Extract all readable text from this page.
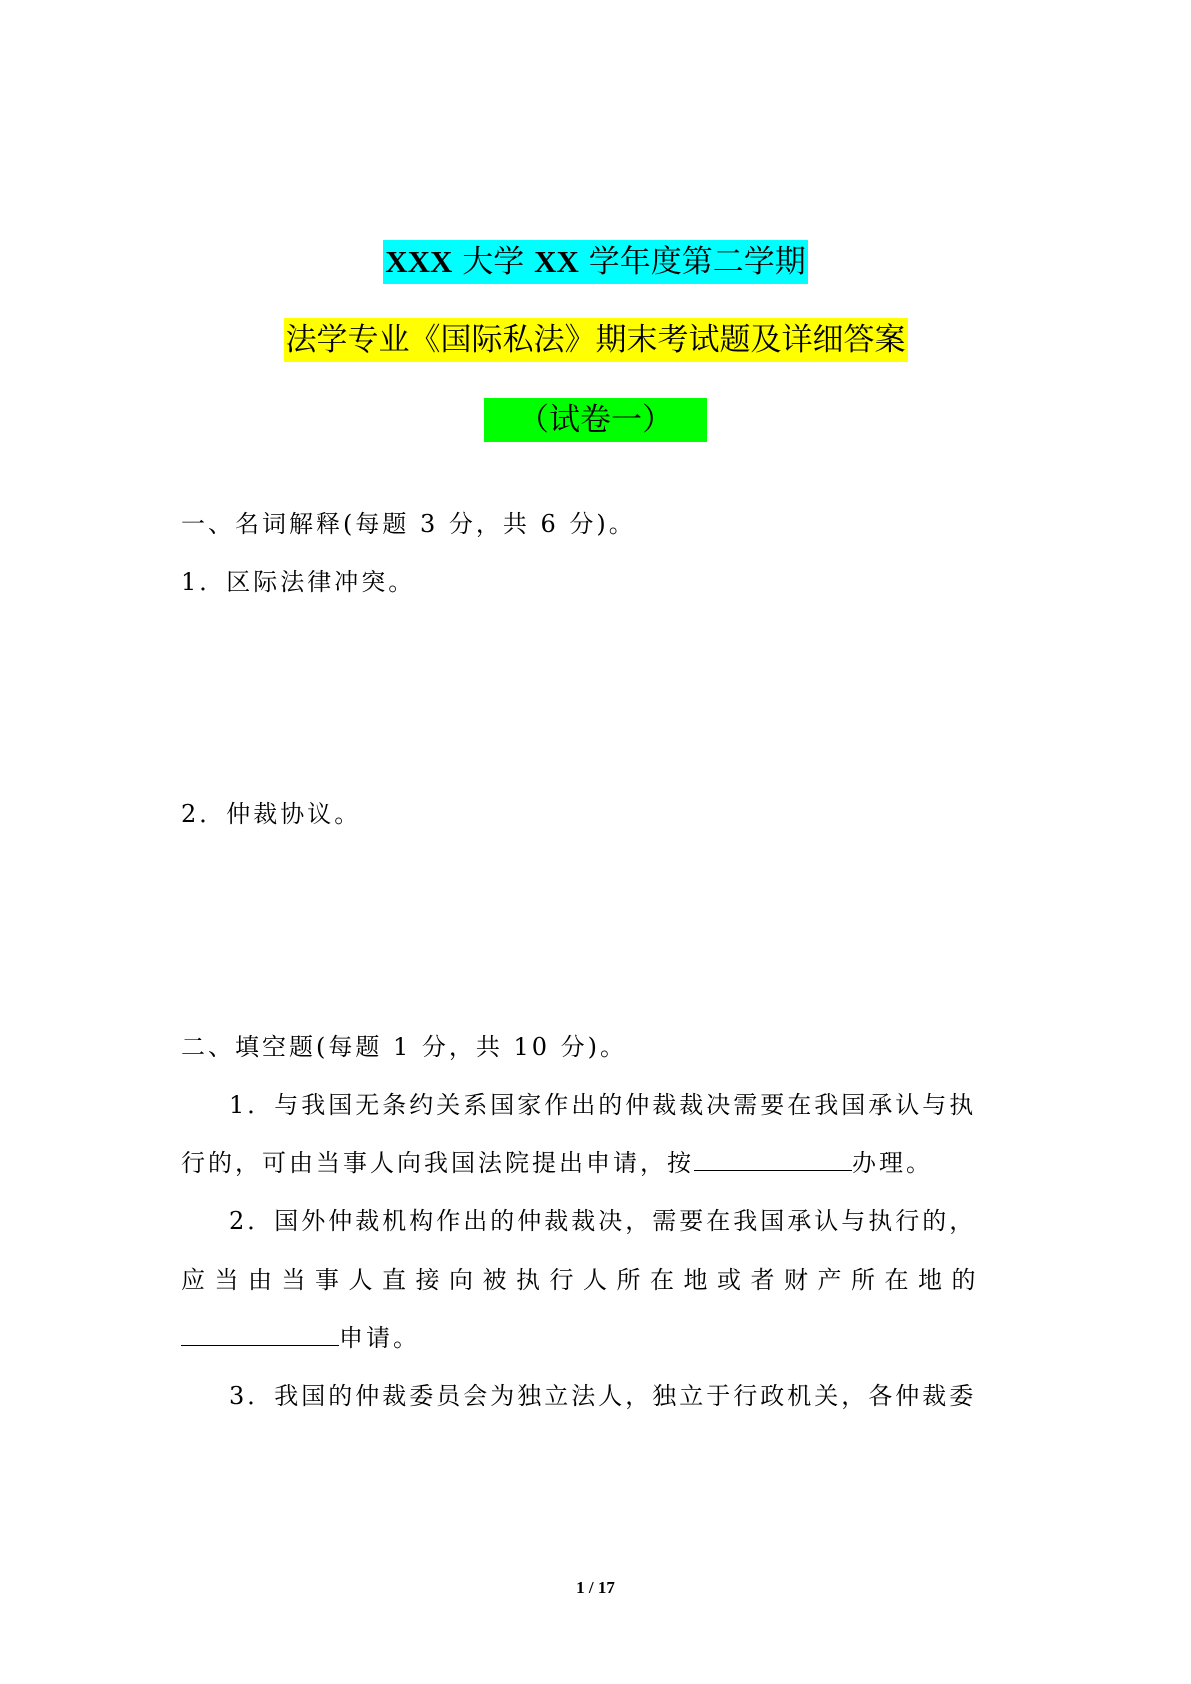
XXX 大学 XX 学年度第二学期
法学专业《国际私法》期末考试题及详细答案
（试卷一）
一、名词解释(每题 3 分，共 6 分)。
1．区际法律冲突。
2．仲裁协议。
二、填空题(每题 1 分，共 10 分)。
1．与我国无条约关系国家作出的仲裁裁决需要在我国承认与执
行的，可由当事人向我国法院提出申请，按	办理。
2．国外仲裁机构作出的仲裁裁决，需要在我国承认与执行的，
应当由当事人直接向被执行人所在地或者财产所在地的
申请。
3．我国的仲裁委员会为独立法人，独立于行政机关，各仲裁委
1 / 17
